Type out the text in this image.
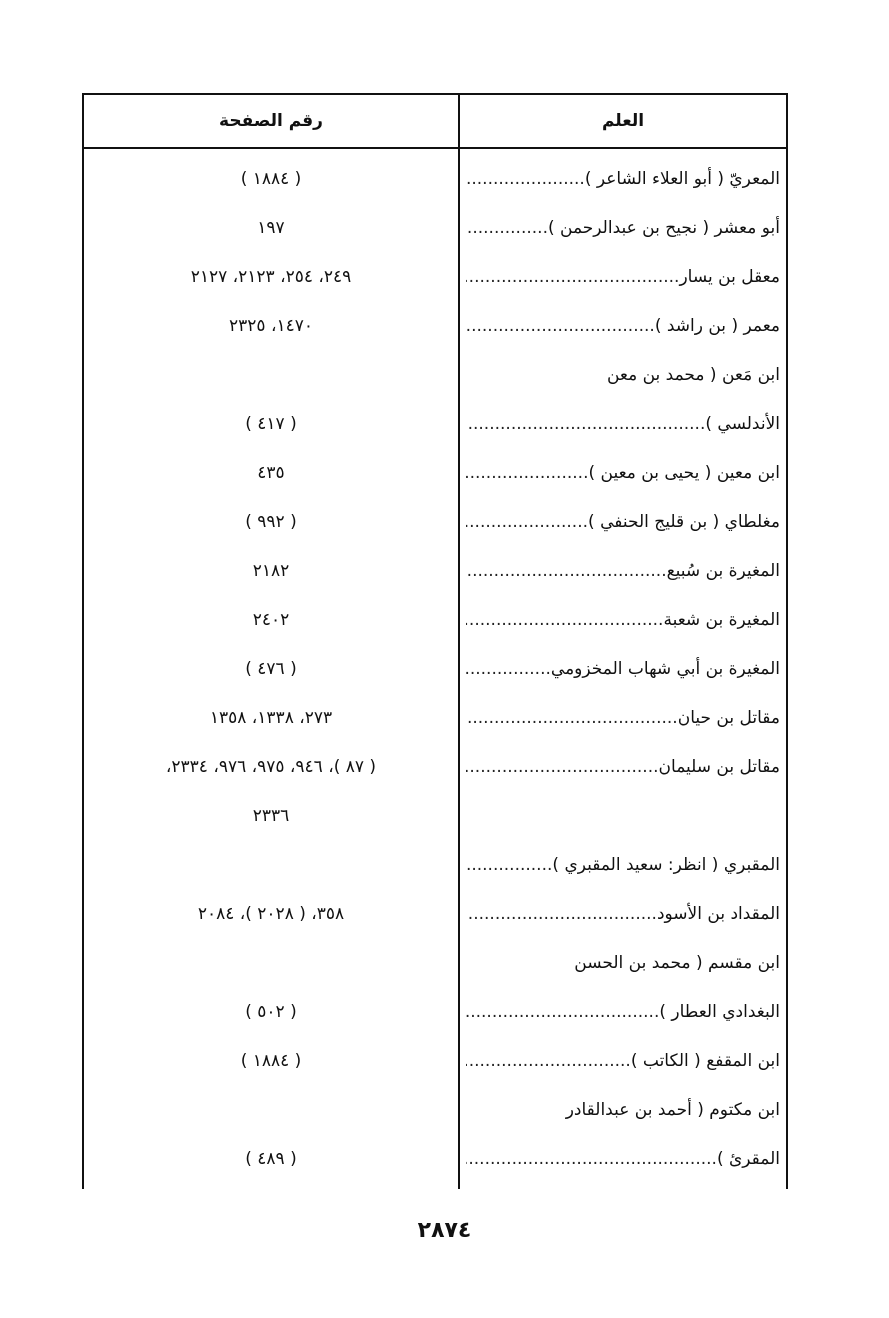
العلم
رقم الصفحة
المعريّ ( أبو العلاء الشاعر ) .....
( ١٨٨٤ )
أبو معشر ( نجيح بن عبدالرحمن ) .....
١٩٧
معقل بن يسار .....
٢٤٩، ٢٥٤، ٢١٢٣، ٢١٢٧
معمر ( بن راشد ) .....
١٤٧٠، ٢٣٢٥
ابن مَعن ( محمد بن معن
الأندلسي ) .....
( ٤١٧ )
ابن معين ( يحيى بن معين ) .....
٤٣٥
مغلطاي ( بن قليج الحنفي ) .....
( ٩٩٢ )
المغيرة بن سُبيع .....
٢١٨٢
المغيرة بن شعبة .....
٢٤٠٢
المغيرة بن أبي شهاب المخزومي .....
( ٤٧٦ )
مقاتل بن حيان .....
٢٧٣، ١٣٣٨، ١٣٥٨
مقاتل بن سليمان .....
( ٨٧ )، ٩٤٦، ٩٧٥، ٩٧٦، ٢٣٣٤،
٢٣٣٦
المقبري ( انظر: سعيد المقبري ) .....
المقداد بن الأسود .....
٣٥٨، ( ٢٠٢٨ )، ٢٠٨٤
ابن مقسم ( محمد بن الحسن
البغدادي العطار ) .....
( ٥٠٢ )
ابن المقفع ( الكاتب ) .....
( ١٨٨٤ )
ابن مكتوم ( أحمد بن عبدالقادر
المقرئ ) .....
( ٤٨٩ )
٢٨٧٤
